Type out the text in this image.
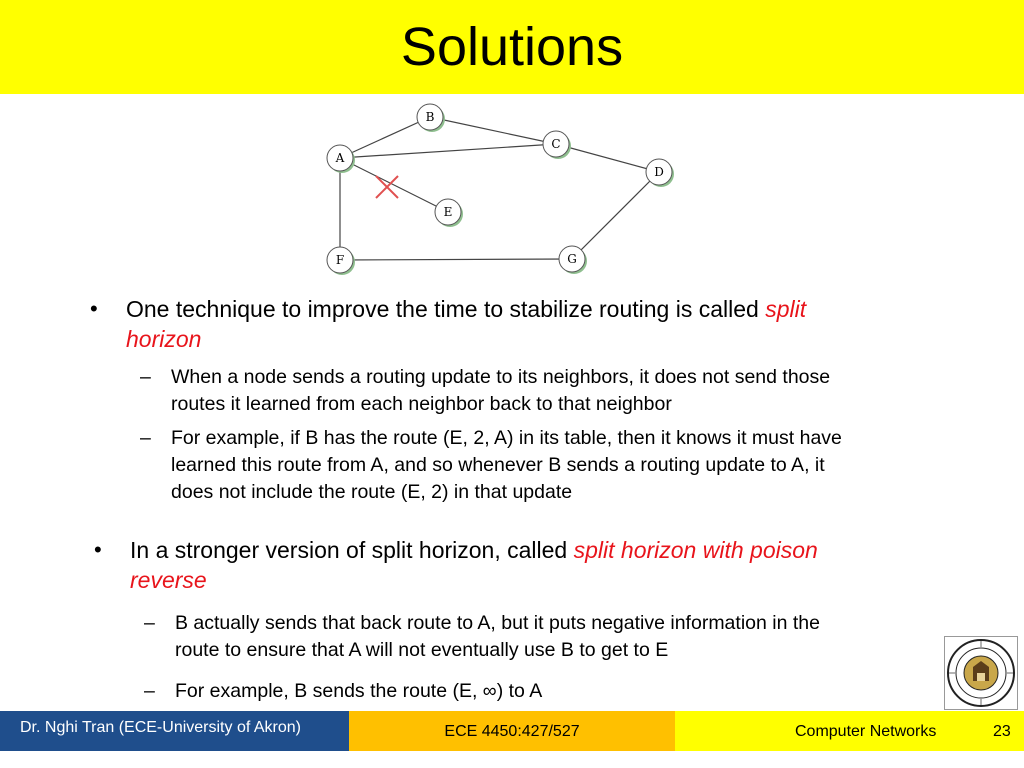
Solutions
A
B
C
D
E
F	G
• One technique to improve the time to stabilize routing is called split
horizon
– When a node sends a routing update to its neighbors, it does not send those
routes it learned from each neighbor back to that neighbor
– For example, if B has the route (E, 2, A) in its table, then it knows it must have
learned this route from A, and so whenever B sends a routing update to A, it
does not include the route (E, 2) in that update
• In a stronger version of split horizon, called split horizon with poison
reverse
– B actually sends that back route to A, but it puts negative information in the
route to ensure that A will not eventually use B to get to E
– For example, B sends the route (E, ∞) to A
Dr. Nghi Tran (ECE-University of Akron)	ECE 4450:427/527	Computer Networks	23
